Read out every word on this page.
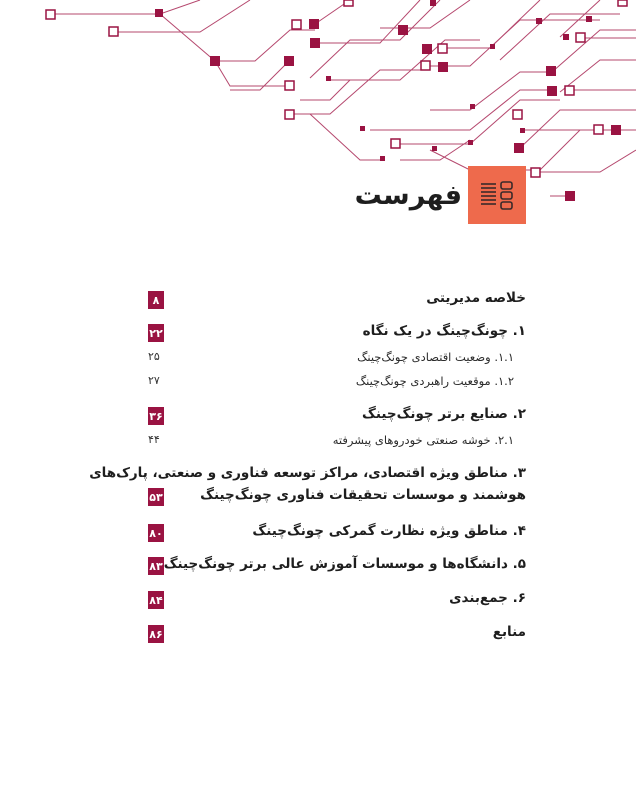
فهرست
خلاصه مدیریتی
۸
۱. چونگ‌چینگ در یک نگاه
۲۲
۱.۱. وضعیت اقتصادی چونگ‌چینگ
۲۵
۱.۲. موقعیت راهبردی چونگ‌چینگ
۲۷
۲. صنایع برتر چونگ‌چینگ
۳۶
۲.۱. خوشه صنعتی خودروهای پیشرفته
۴۴
۳. مناطق ویژه اقتصادی، مراکز توسعه فناوری و صنعتی، پارک‌های
هوشمند و موسسات تحقیقات فناوری چونگ‌چینگ
۵۳
۴. مناطق ویژه نظارت گمرکی چونگ‌چینگ
۸۰
۵. دانشگاه‌ها و موسسات آموزش عالی برتر چونگ‌چینگ
۸۳
۶. جمع‌بندی
۸۴
منابع
۸۶
